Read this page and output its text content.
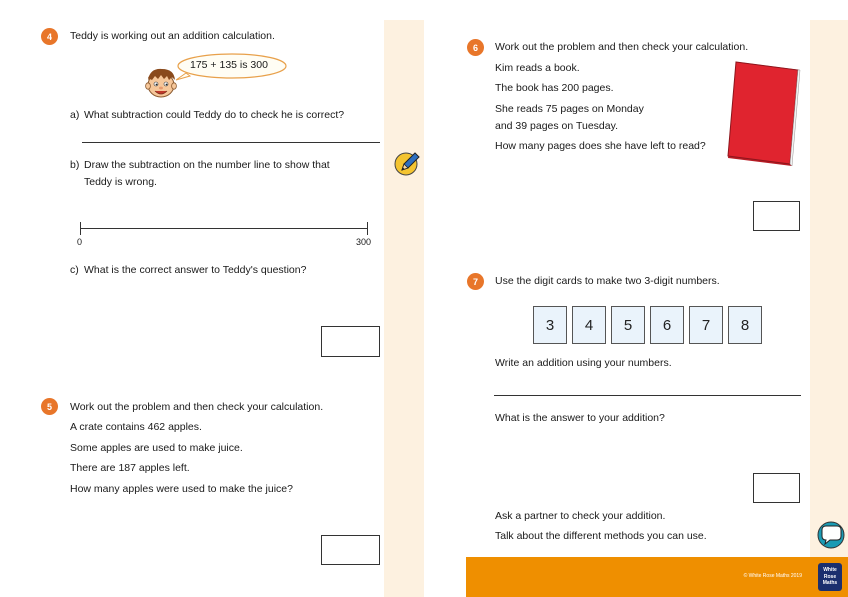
4	Teddy is working out an addition calculation.
175 + 135 is 300
a) What subtraction could Teddy do to check he is correct?
b) Draw the subtraction on the number line to show that
Teddy is wrong.
0	300
c) What is the correct answer to Teddy's question?
5	Work out the problem and then check your calculation.
A crate contains 462 apples.
Some apples are used to make juice.
There are 187 apples left.
How many apples were used to make the juice?
6	Work out the problem and then check your calculation.
Kim reads a book.
The book has 200 pages.
She reads 75 pages on Monday
and 39 pages on Tuesday.
How many pages does she have left to read?
7	Use the digit cards to make two 3-digit numbers.
3	4	5	6	7	8
Write an addition using your numbers.
What is the answer to your addition?
Ask a partner to check your addition.
Talk about the different methods you can use.
© White Rose Maths 2019
White
Rose
Maths
